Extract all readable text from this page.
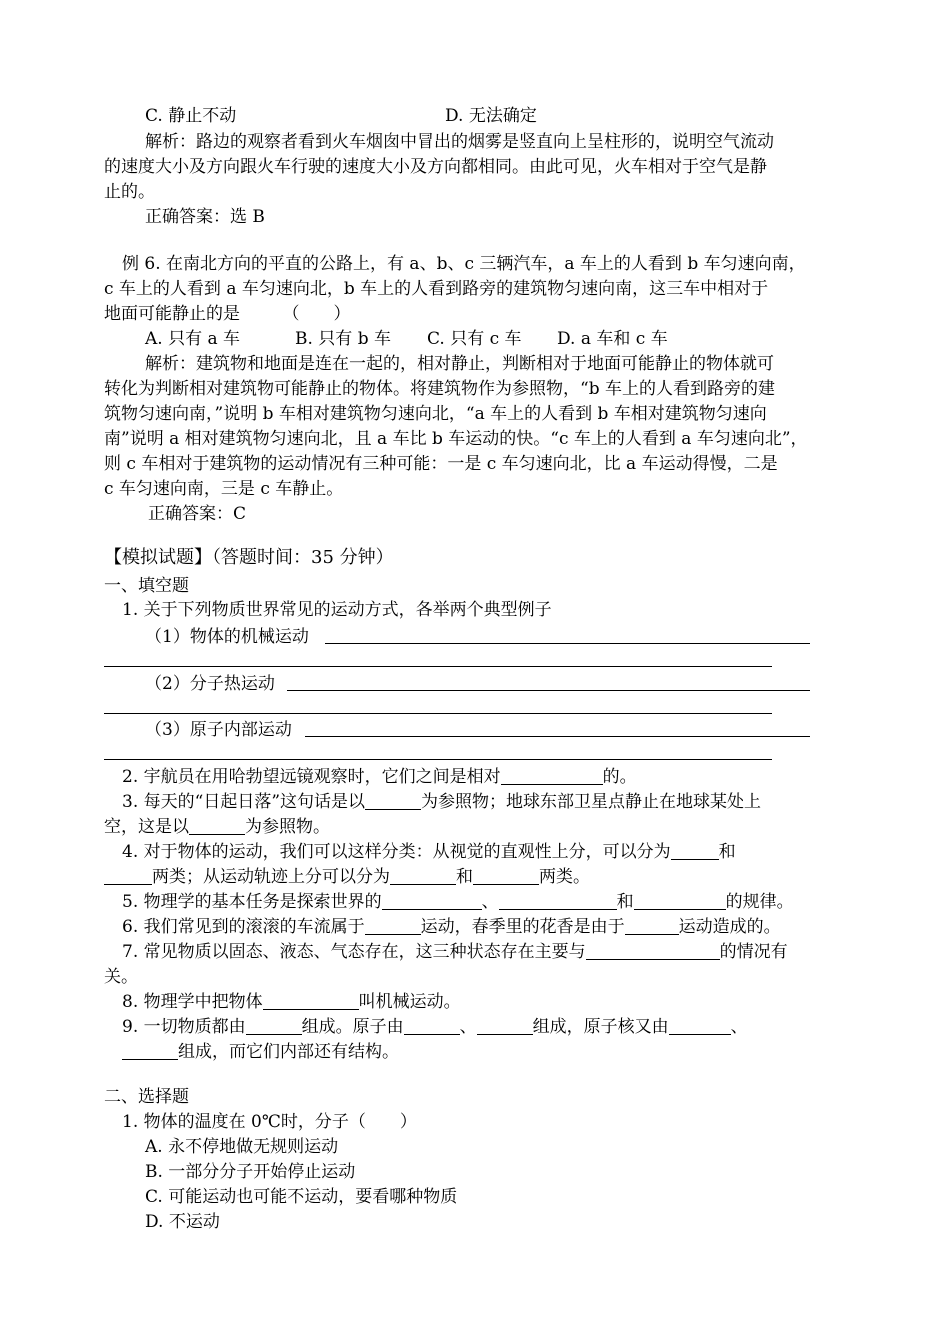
C. 静止不动	D. 无法确定
解析：路边的观察者看到火车烟囱中冒出的烟雾是竖直向上呈柱形的，说明空气流动
的速度大小及方向跟火车行驶的速度大小及方向都相同。由此可见，火车相对于空气是静
止的。
正确答案：选 B
例 6. 在南北方向的平直的公路上，有 a、b、c 三辆汽车，a 车上的人看到 b 车匀速向南，
c 车上的人看到 a 车匀速向北，b 车上的人看到路旁的建筑物匀速向南，这三车中相对于
地面可能静止的是　　　（　　）
A. 只有 a 车	B. 只有 b 车 C. 只有 c 车 D. a 车和 c 车
解析：建筑物和地面是连在一起的，相对静止，判断相对于地面可能静止的物体就可
转化为判断相对建筑物可能静止的物体。将建筑物作为参照物，“b 车上的人看到路旁的建
筑物匀速向南，”说明 b 车相对建筑物匀速向北，“a 车上的人看到 b 车相对建筑物匀速向
南”说明 a 相对建筑物匀速向北，且 a 车比 b 车运动的快。“c 车上的人看到 a 车匀速向北”，
则 c 车相对于建筑物的运动情况有三种可能：一是 c 车匀速向北，比 a 车运动得慢，二是
c 车匀速向南，三是 c 车静止。
正确答案：C
【模拟试题】（答题时间：35 分钟）
一、填空题
1. 关于下列物质世界常见的运动方式，各举两个典型例子
（1）物体的机械运动
（2）分子热运动
（3）原子内部运动
2. 宇航员在用哈勃望远镜观察时，它们之间是相对	的。
3. 每天的“日起日落”这句话是以	为参照物；地球东部卫星点静止在地球某处上
空，这是以	为参照物。
4. 对于物体的运动，我们可以这样分类：从视觉的直观性上分，可以分为	和
两类；从运动轨迹上分可以分为	和	两类。
5. 物理学的基本任务是探索世界的	、	和	的规律。
6. 我们常见到的滚滚的车流属于	运动，春季里的花香是由于	运动造成的。
7. 常见物质以固态、液态、气态存在，这三种状态存在主要与	的情况有
关。
8. 物理学中把物体	叫机械运动。
9. 一切物质都由	组成。原子由	、	组成，原子核又由	、
组成，而它们内部还有结构。
二、选择题
1. 物体的温度在 0℃时，分子（　　）
A. 永不停地做无规则运动
B. 一部分分子开始停止运动
C. 可能运动也可能不运动，要看哪种物质
D. 不运动
